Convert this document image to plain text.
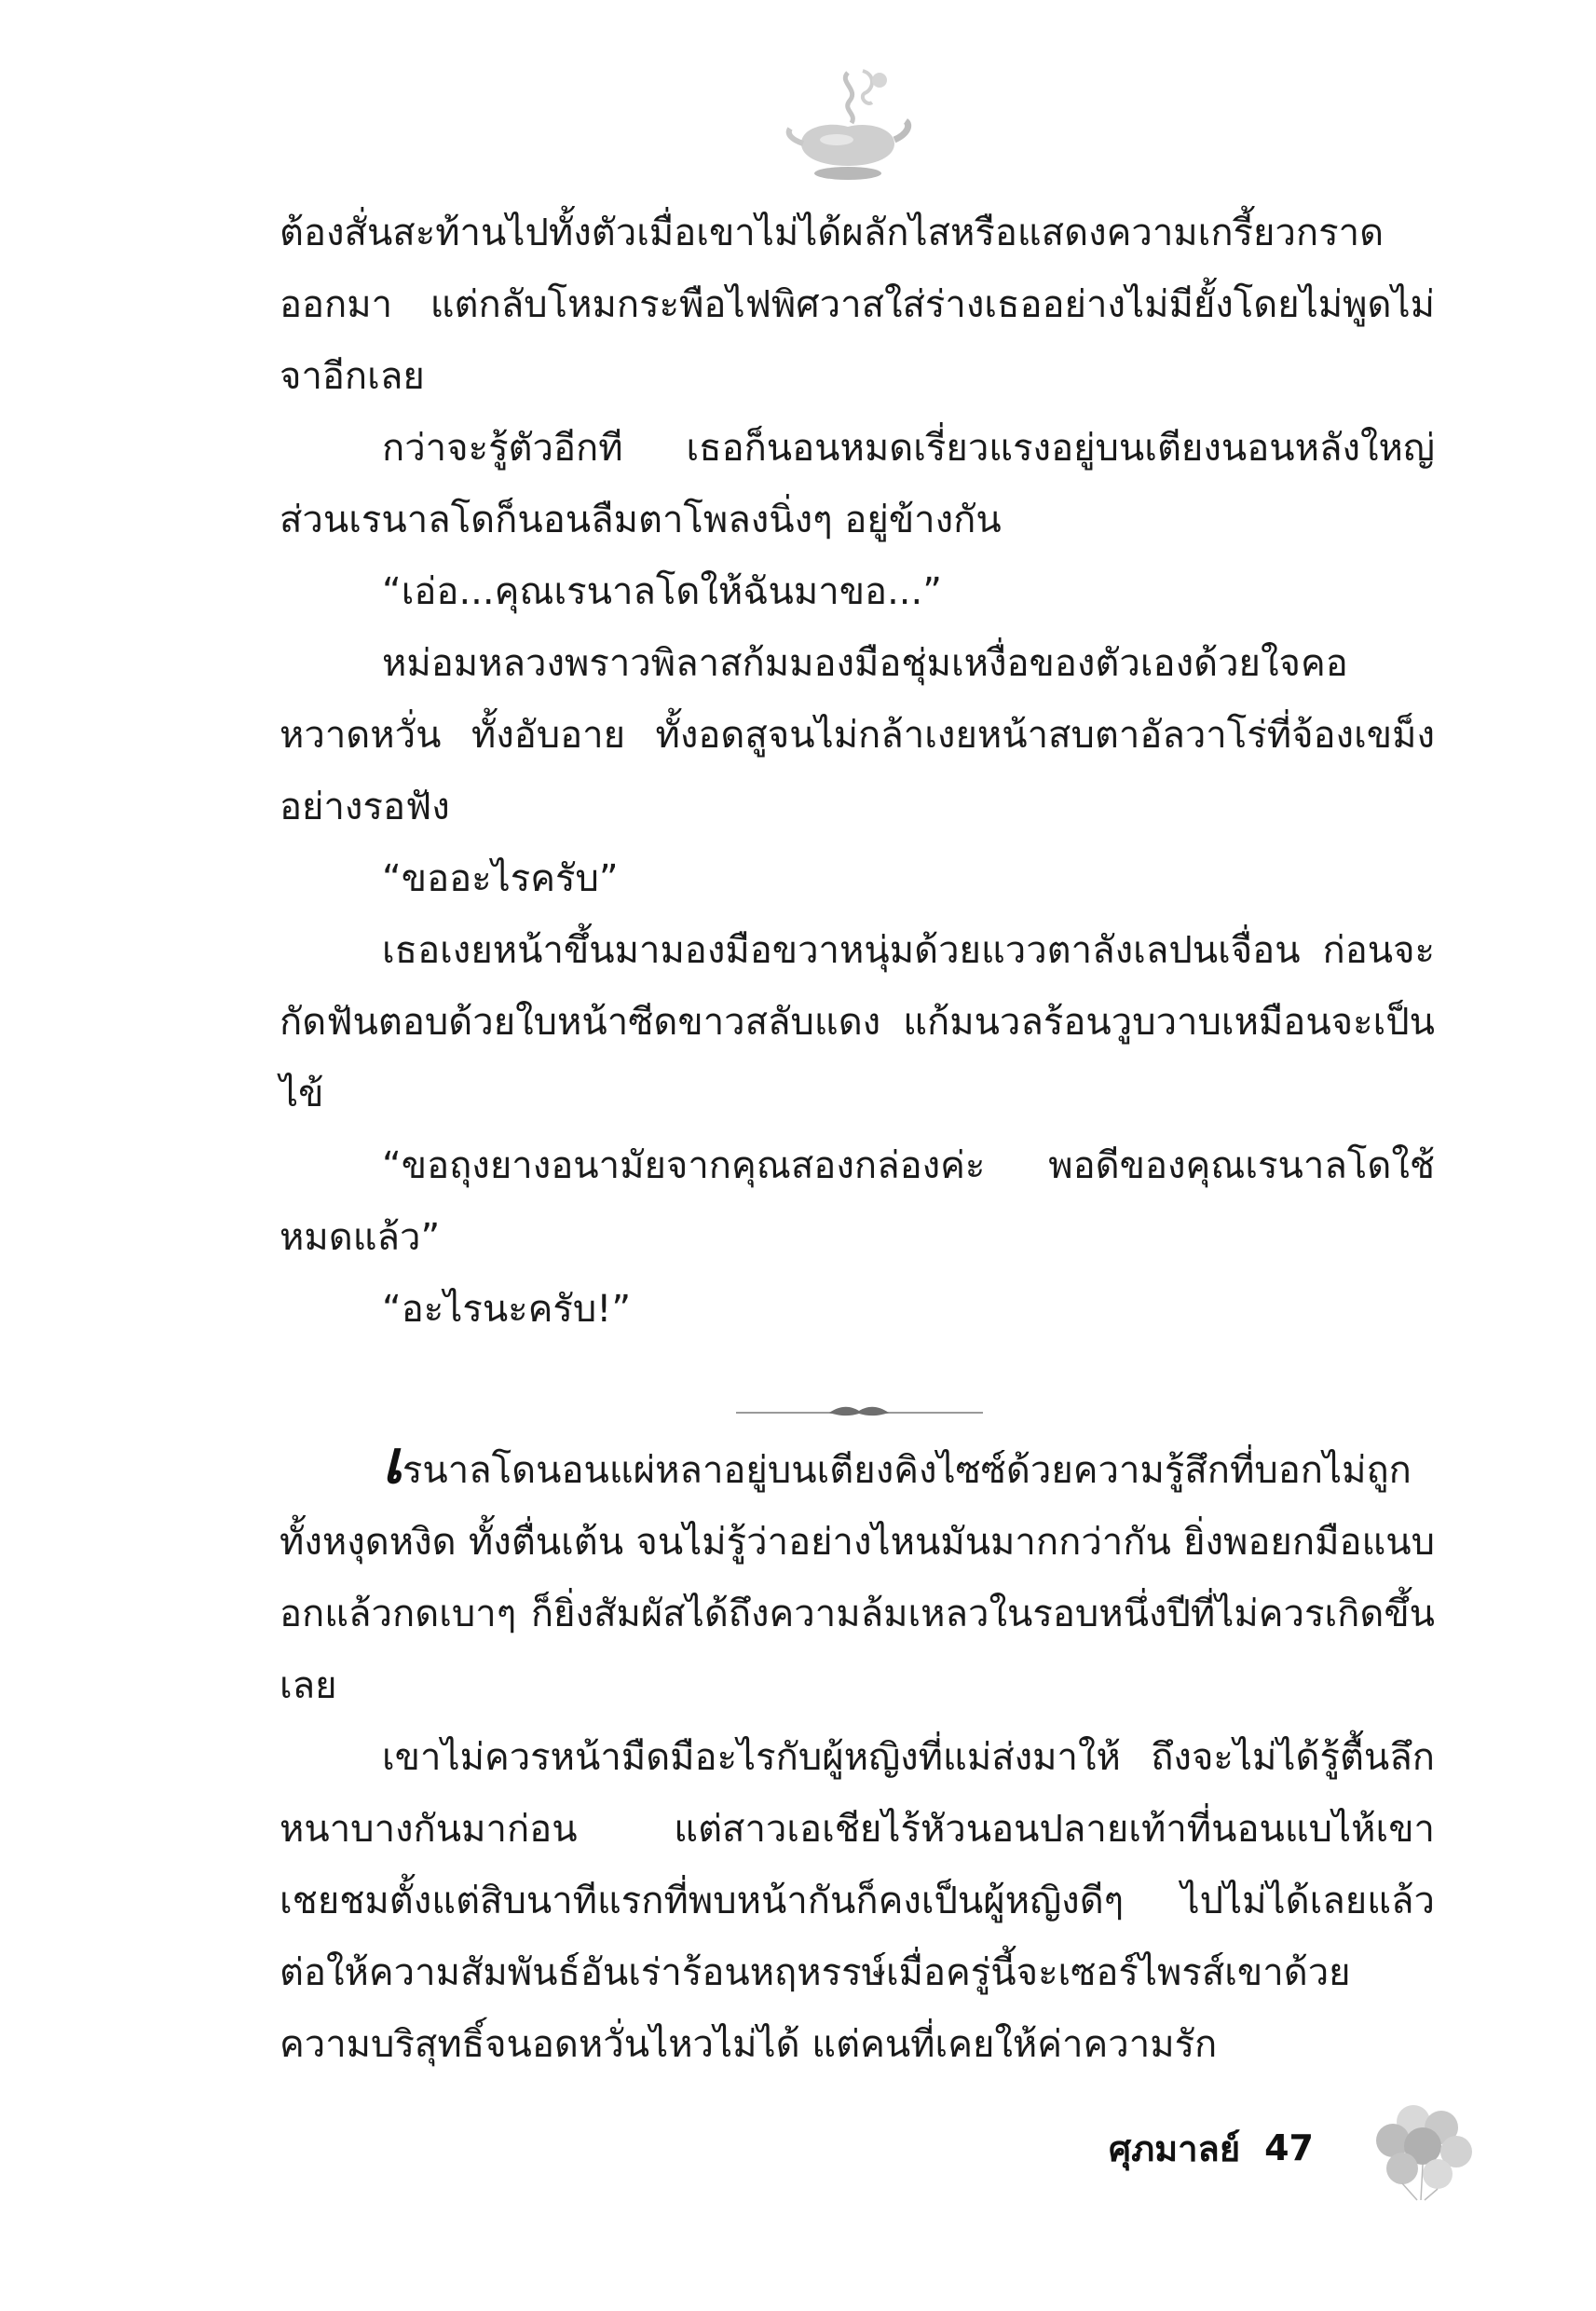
ต้องสั่นสะท้านไปทั้งตัวเมื่อเขาไม่ได้ผลักไสหรือแสดงความเกรี้ยวกราดออกมา แต่กลับโหมกระพือไฟพิศวาสใส่ร่างเธออย่างไม่มียั้งโดยไม่พูดไม่จาอีกเลย

กว่าจะรู้ตัวอีกที เธอก็นอนหมดเรี่ยวแรงอยู่บนเตียงนอนหลังใหญ่ส่วนเรนาลโดก็นอนลืมตาโพลงนิ่งๆ อยู่ข้างกัน

“เอ่อ...คุณเรนาลโดให้ฉันมาขอ...”

หม่อมหลวงพราวพิลาสก้มมองมือชุ่มเหงื่อของตัวเองด้วยใจคอหวาดหวั่น ทั้งอับอาย ทั้งอดสูจนไม่กล้าเงยหน้าสบตาอัลวาโร่ที่จ้องเขม็งอย่างรอฟัง

“ขออะไรครับ”

เธอเงยหน้าขึ้นมามองมือขวาหนุ่มด้วยแววตาลังเลปนเจื่อน ก่อนจะกัดฟันตอบด้วยใบหน้าซีดขาวสลับแดง แก้มนวลร้อนวูบวาบเหมือนจะเป็นไข้

“ขอถุงยางอนามัยจากคุณสองกล่องค่ะ พอดีของคุณเรนาลโดใช้หมดแล้ว”

“อะไรนะครับ!”

เรนาลโดนอนแผ่หลาอยู่บนเตียงคิงไซซ์ด้วยความรู้สึกที่บอกไม่ถูก ทั้งหงุดหงิด ทั้งตื่นเต้น จนไม่รู้ว่าอย่างไหนมันมากกว่ากัน ยิ่งพอยกมือแนบอกแล้วกดเบาๆ ก็ยิ่งสัมผัสได้ถึงความล้มเหลวในรอบหนึ่งปีที่ไม่ควรเกิดขึ้นเลย

เขาไม่ควรหน้ามืดมือะไรกับผู้หญิงที่แม่ส่งมาให้ ถึงจะไม่ได้รู้ตื้นลึกหนาบางกันมาก่อน แต่สาวเอเชียไร้หัวนอนปลายเท้าที่นอนแบไห้เขาเชยชมตั้งแต่สิบนาทีแรกที่พบหน้ากันก็คงเป็นผู้หญิงดีๆ ไปไม่ได้เลยแล้วต่อให้ความสัมพันธ์อันเร่าร้อนหฤหรรษ์เมื่อครู่นี้จะเซอร์ไพรส์เขาด้วยความบริสุทธิ์จนอดหวั่นไหวไม่ได้ แต่คนที่เคยให้ค่าความรัก

ศุภมาลย์ 47
